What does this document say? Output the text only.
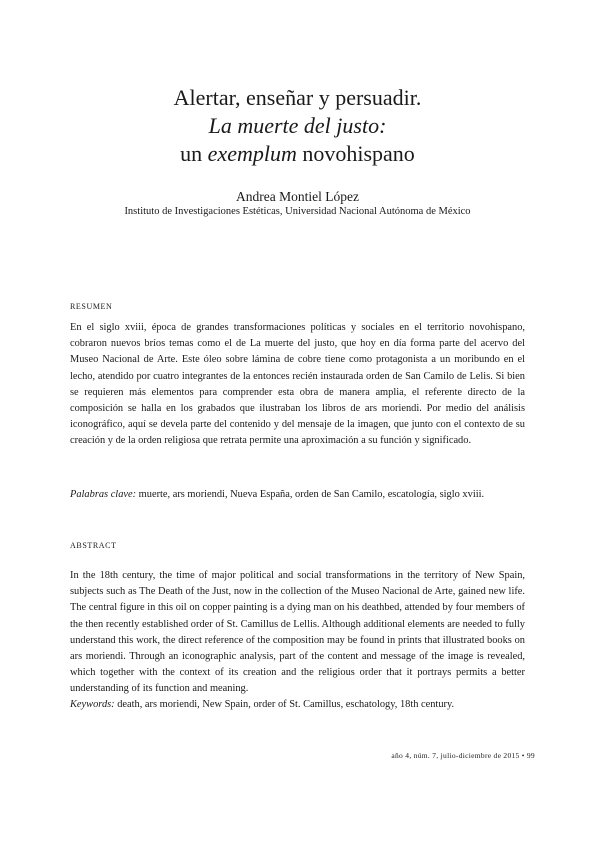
Alertar, enseñar y persuadir.
La muerte del justo:
un exemplum novohispano
Andrea Montiel López
Instituto de Investigaciones Estéticas, Universidad Nacional Autónoma de México
RESUMEN

En el siglo xviii, época de grandes transformaciones políticas y sociales en el territorio novohispano, cobraron nuevos bríos temas como el de La muerte del justo, que hoy en día forma parte del acervo del Museo Nacional de Arte. Este óleo sobre lámina de cobre tiene como protagonista a un moribundo en el lecho, atendido por cuatro integrantes de la entonces recién instaurada orden de San Camilo de Lelis. Si bien se requieren más elementos para comprender esta obra de manera amplia, el referente directo de la composición se halla en los grabados que ilustraban los libros de ars moriendi. Por medio del análisis iconográfico, aquí se devela parte del contenido y del mensaje de la imagen, que junto con el contexto de su creación y de la orden religiosa que retrata permite una aproximación a su función y significado.

Palabras clave: muerte, ars moriendi, Nueva España, orden de San Camilo, escatología, siglo xviii.

ABSTRACT

In the 18th century, the time of major political and social transformations in the territory of New Spain, subjects such as The Death of the Just, now in the collection of the Museo Nacional de Arte, gained new life. The central figure in this oil on copper painting is a dying man on his deathbed, attended by four members of the then recently established order of St. Camillus de Lellis. Although additional elements are needed to fully understand this work, the direct reference of the composition may be found in prints that illustrated books on ars moriendi. Through an iconographic analysis, part of the content and message of the image is revealed, which together with the context of its creation and the religious order that it portrays permits a better understanding of its function and meaning.

Keywords: death, ars moriendi, New Spain, order of St. Camillus, eschatology, 18th century.

año 4, núm. 7, julio-diciembre de 2015 • 99
